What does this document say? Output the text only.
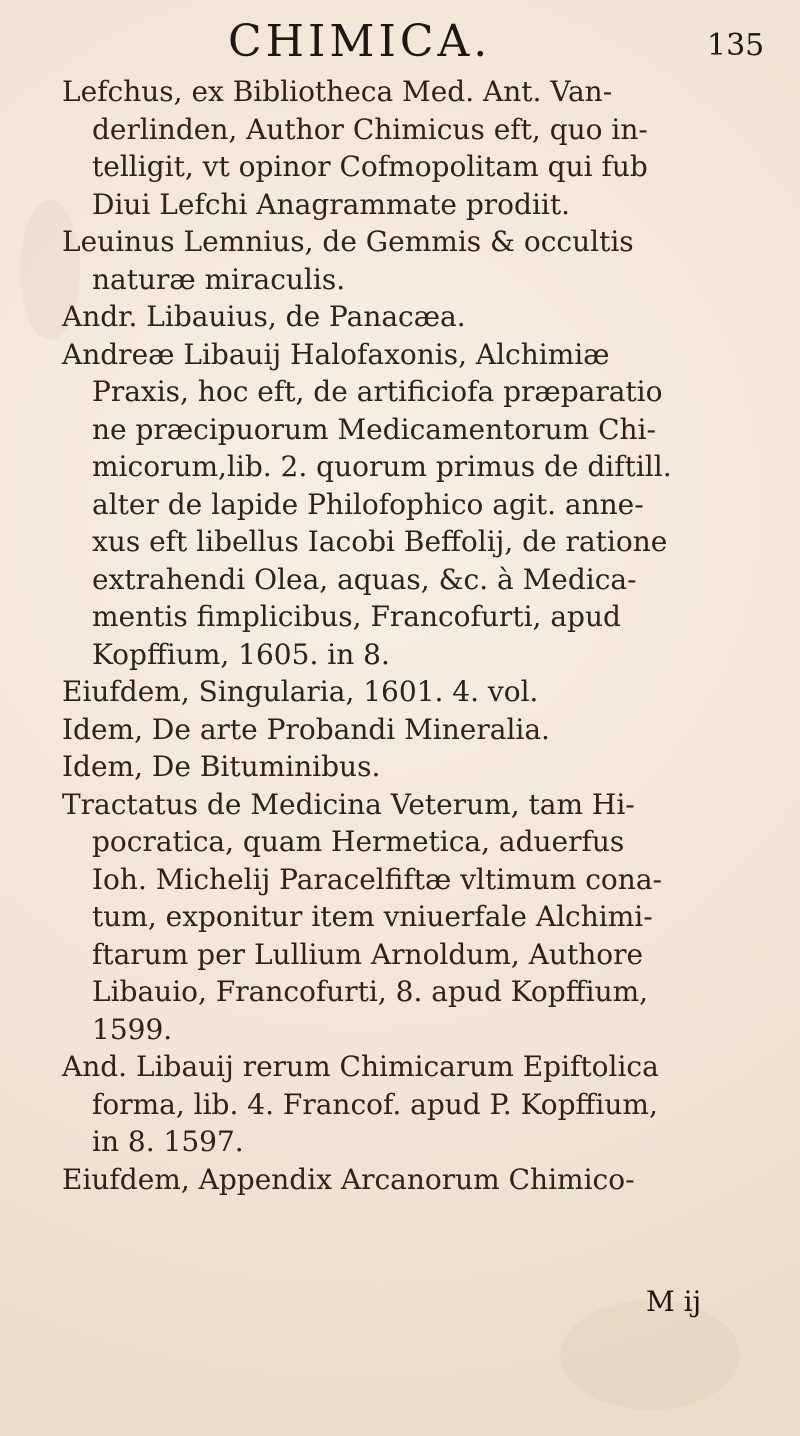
CHIMICA.	135
Lefchus, ex Bibliotheca Med. Ant. Van-
derlinden, Author Chimicus eft, quo in-
telligit, vt opinor Cofmopolitam qui fub
Diui Lefchi Anagrammate prodiit.
Leuinus Lemnius, de Gemmis & occultis
naturæ miraculis.
Andr. Libauius, de Panacæa.
Andreæ Libauij Halofaxonis, Alchimiæ
Praxis, hoc eft, de artificiofa præparatio
ne præcipuorum Medicamentorum Chi-
micorum,lib. 2. quorum primus de diftill.
alter de lapide Philofophico agit. anne-
xus eft libellus Iacobi Beffolij, de ratione
extrahendi Olea, aquas, &c. à Medica-
mentis fimplicibus, Francofurti, apud
Kopffium, 1605. in 8.
Eiufdem, Singularia, 1601. 4. vol.
Idem, De arte Probandi Mineralia.
Idem, De Bituminibus.
Tractatus de Medicina Veterum, tam Hi-
pocratica, quam Hermetica, aduerfus
Ioh. Michelij Paracelfiftæ vltimum cona-
tum, exponitur item vniuerfale Alchimi-
ftarum per Lullium Arnoldum, Authore
Libauio, Francofurti, 8. apud Kopffium,
1599.
And. Libauij rerum Chimicarum Epiftolica
forma, lib. 4. Francof. apud P. Kopffium,
in 8. 1597.
Eiufdem, Appendix Arcanorum Chimico-
M ij
